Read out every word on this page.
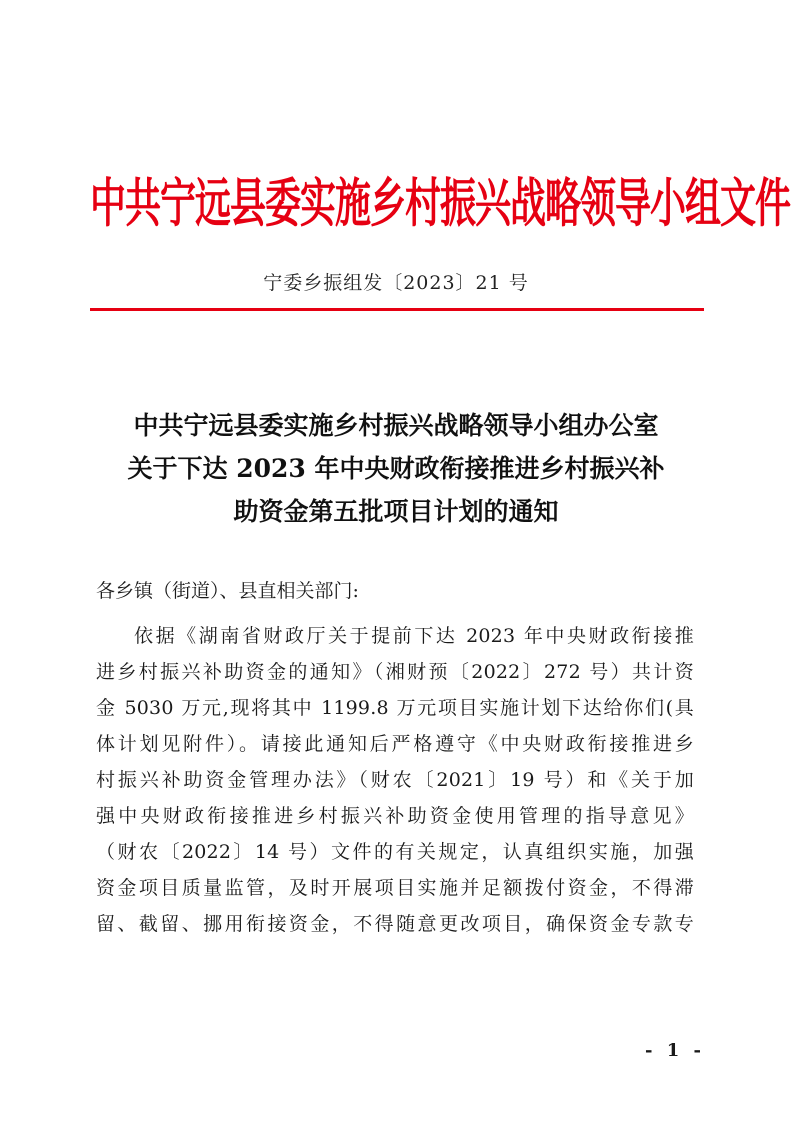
中共宁远县委实施乡村振兴战略领导小组文件
宁委乡振组发〔2023〕21 号
中共宁远县委实施乡村振兴战略领导小组办公室
关于下达 2023 年中央财政衔接推进乡村振兴补
助资金第五批项目计划的通知
各乡镇（街道）、县直相关部门:
依据《湖南省财政厅关于提前下达 2023 年中央财政衔接推
进乡村振兴补助资金的通知》（湘财预〔2022〕272 号）共计资
金 5030 万元,现将其中 1199.8 万元项目实施计划下达给你们(具
体计划见附件）。请接此通知后严格遵守《中央财政衔接推进乡
村振兴补助资金管理办法》（财农〔2021〕19 号）和《关于加
强中央财政衔接推进乡村振兴补助资金使用管理的指导意见》
（财农〔2022〕14 号）文件的有关规定，认真组织实施，加强
资金项目质量监管，及时开展项目实施并足额拨付资金，不得滞
留、截留、挪用衔接资金，不得随意更改项目，确保资金专款专
- 1 -
